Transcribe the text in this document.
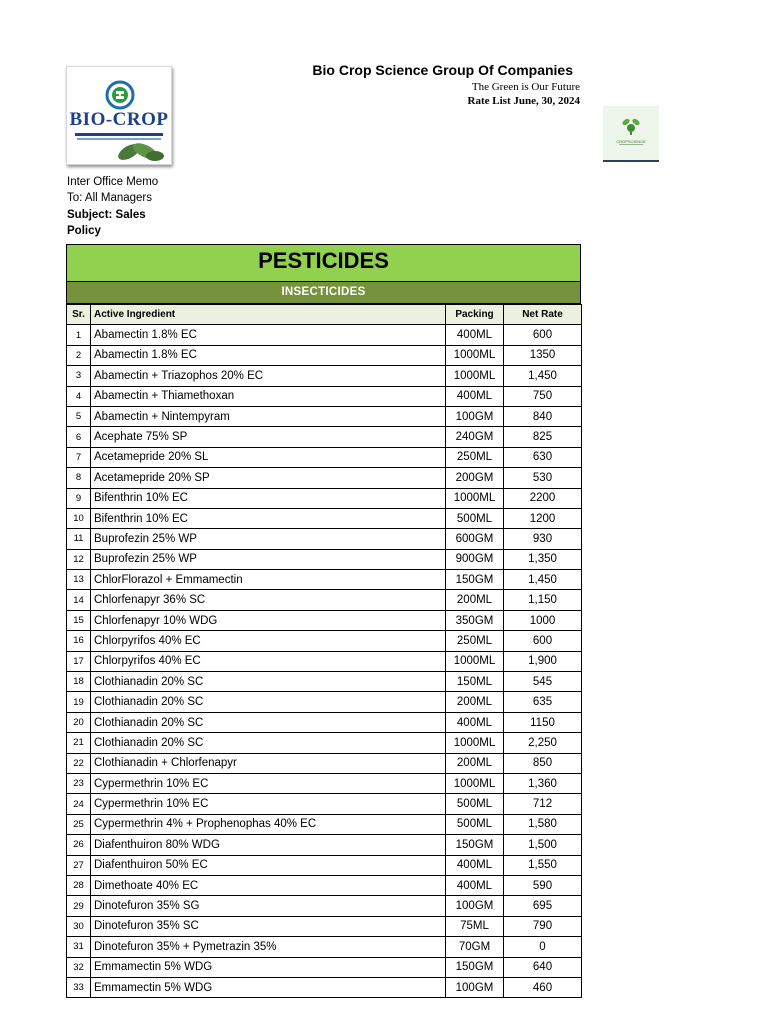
BIO-CROP
CROPSCIENCE
Bio Crop Science Group Of Companies
The Green is Our Future
Rate List June, 30, 2024
Inter Office Memo
To: All Managers
Subject: Sales
Policy
PESTICIDES
INSECTICIDES
Sr.	Active Ingredient	Packing	Net Rate
1	Abamectin 1.8% EC	400ML	600
2	Abamectin 1.8% EC	1000ML	1350
3	Abamectin + Triazophos 20% EC	1000ML	1,450
4	Abamectin + Thiamethoxan	400ML	750
5	Abamectin + Nintempyram	100GM	840
6	Acephate 75% SP	240GM	825
7	Acetamepride 20% SL	250ML	630
8	Acetamepride 20% SP	200GM	530
9	Bifenthrin 10% EC	1000ML	2200
10	Bifenthrin 10% EC	500ML	1200
11	Buprofezin 25% WP	600GM	930
12	Buprofezin 25% WP	900GM	1,350
13	ChlorFlorazol + Emmamectin	150GM	1,450
14	Chlorfenapyr 36% SC	200ML	1,150
15	Chlorfenapyr 10% WDG	350GM	1000
16	Chlorpyrifos 40% EC	250ML	600
17	Chlorpyrifos 40% EC	1000ML	1,900
18	Clothianadin 20% SC	150ML	545
19	Clothianadin 20% SC	200ML	635
20	Clothianadin 20% SC	400ML	1150
21	Clothianadin 20% SC	1000ML	2,250
22	Clothianadin + Chlorfenapyr	200ML	850
23	Cypermethrin 10% EC	1000ML	1,360
24	Cypermethrin 10% EC	500ML	712
25	Cypermethrin 4% + Prophenophas 40% EC	500ML	1,580
26	Diafenthuiron 80% WDG	150GM	1,500
27	Diafenthuiron 50% EC	400ML	1,550
28	Dimethoate 40% EC	400ML	590
29	Dinotefuron 35% SG	100GM	695
30	Dinotefuron 35% SC	75ML	790
31	Dinotefuron 35% + Pymetrazin 35%	70GM	0
32	Emmamectin 5% WDG	150GM	640
33	Emmamectin 5% WDG	100GM	460
